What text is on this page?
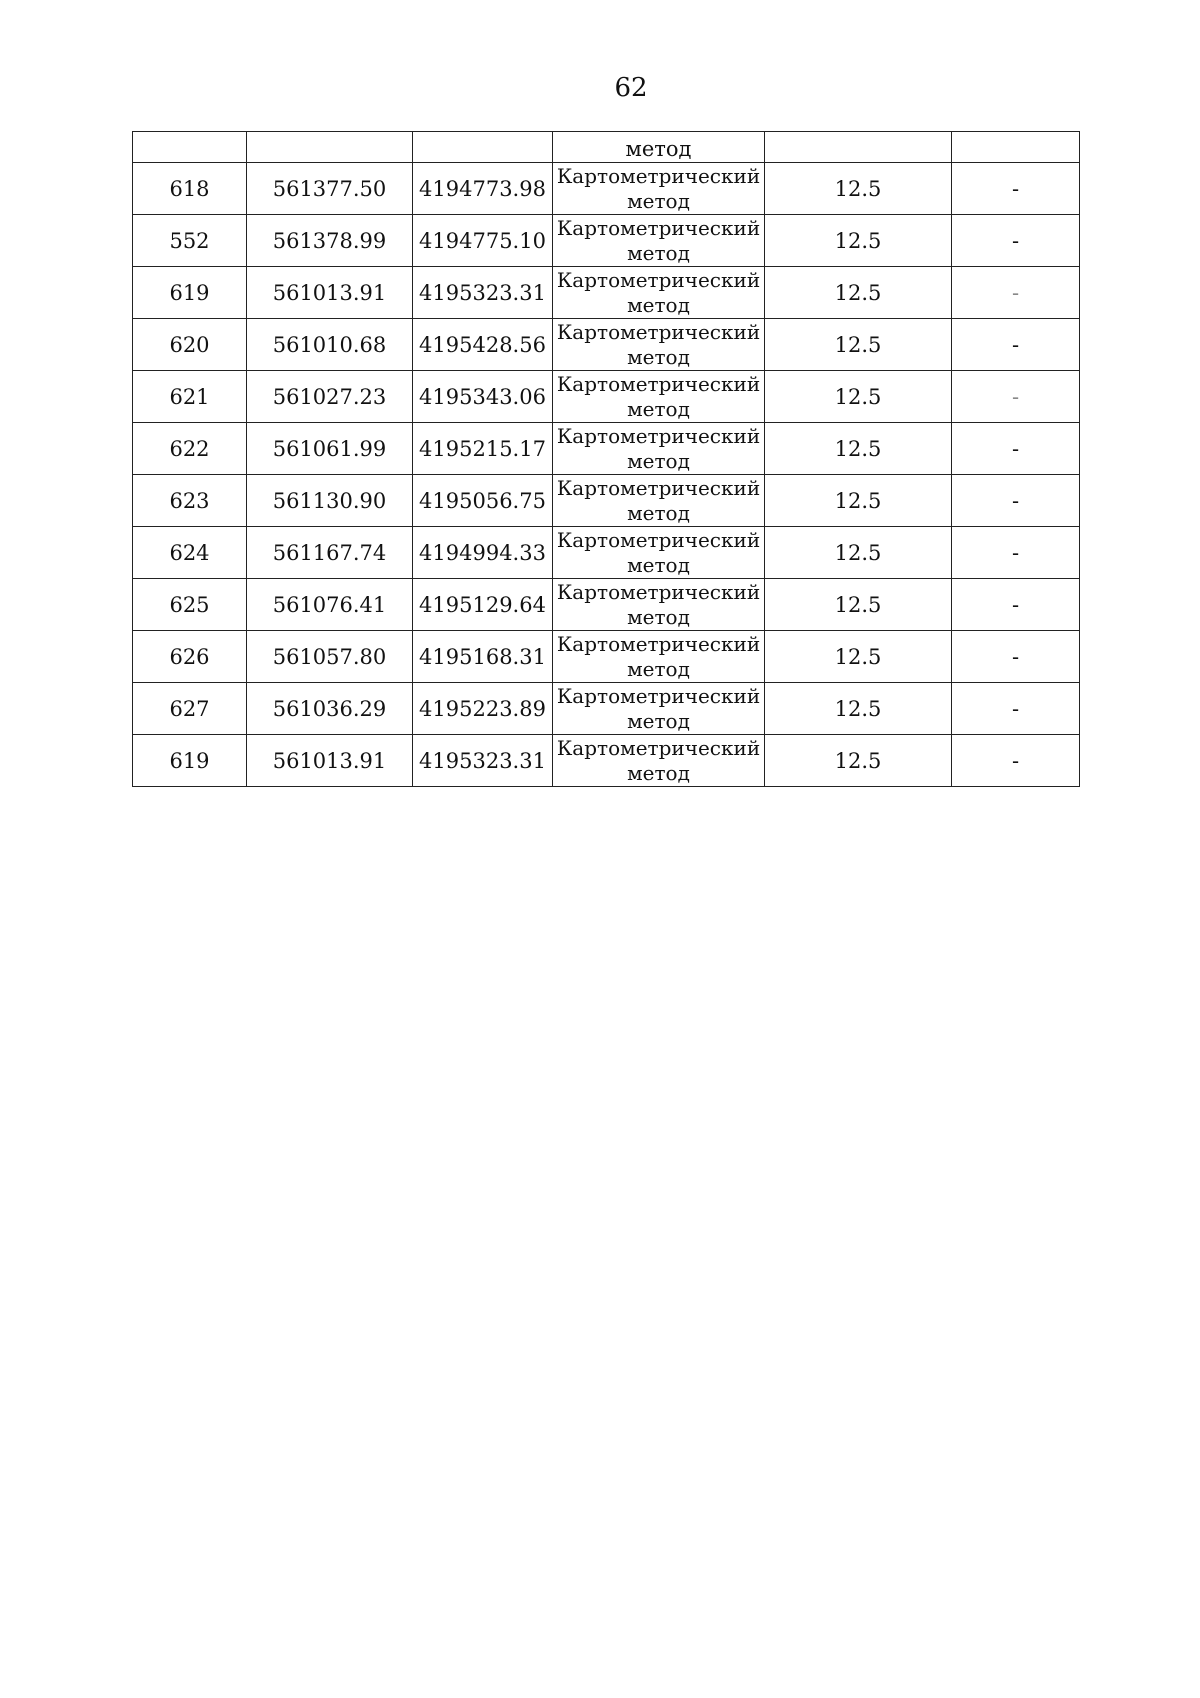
62
			метод		
618	561377.50	4194773.98	Картометрический
метод	12.5	-
552	561378.99	4194775.10	Картометрический
метод	12.5	-
619	561013.91	4195323.31	Картометрический
метод	12.5	-
620	561010.68	4195428.56	Картометрический
метод	12.5	-
621	561027.23	4195343.06	Картометрический
метод	12.5	-
622	561061.99	4195215.17	Картометрический
метод	12.5	-
623	561130.90	4195056.75	Картометрический
метод	12.5	-
624	561167.74	4194994.33	Картометрический
метод	12.5	-
625	561076.41	4195129.64	Картометрический
метод	12.5	-
626	561057.80	4195168.31	Картометрический
метод	12.5	-
627	561036.29	4195223.89	Картометрический
метод	12.5	-
619	561013.91	4195323.31	Картометрический
метод	12.5	-
